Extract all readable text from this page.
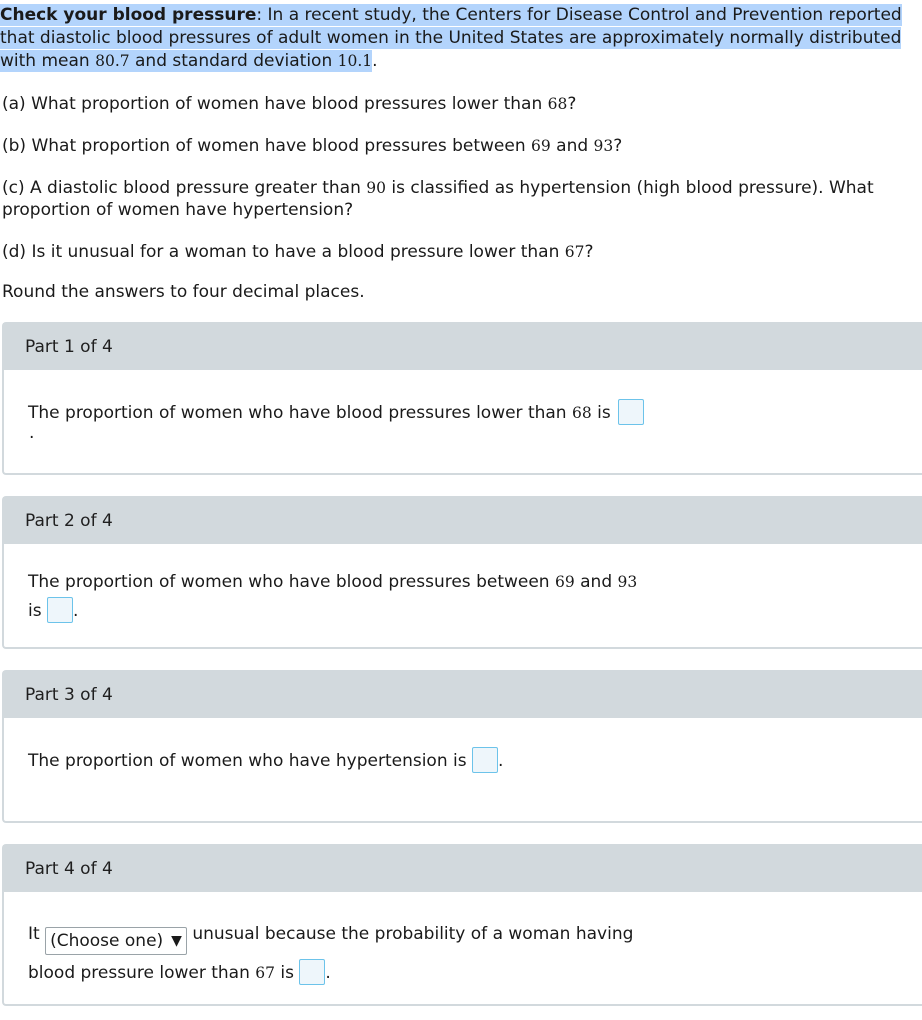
Check your blood pressure: In a recent study, the Centers for Disease Control and Prevention reported that diastolic blood pressures of adult women in the United States are approximately normally distributed with mean 80.7 and standard deviation 10.1.
(a) What proportion of women have blood pressures lower than 68?
(b) What proportion of women have blood pressures between 69 and 93?
(c) A diastolic blood pressure greater than 90 is classified as hypertension (high blood pressure). What proportion of women have hypertension?
(d) Is it unusual for a woman to have a blood pressure lower than 67?
Round the answers to four decimal places.
Part 1 of 4
The proportion of women who have blood pressures lower than 68 is
.
Part 2 of 4
The proportion of women who have blood pressures between 69 and 93
is .
Part 3 of 4
The proportion of women who have hypertension is .
Part 4 of 4
It (Choose one) ▼ unusual because the probability of a woman having
blood pressure lower than 67 is .
